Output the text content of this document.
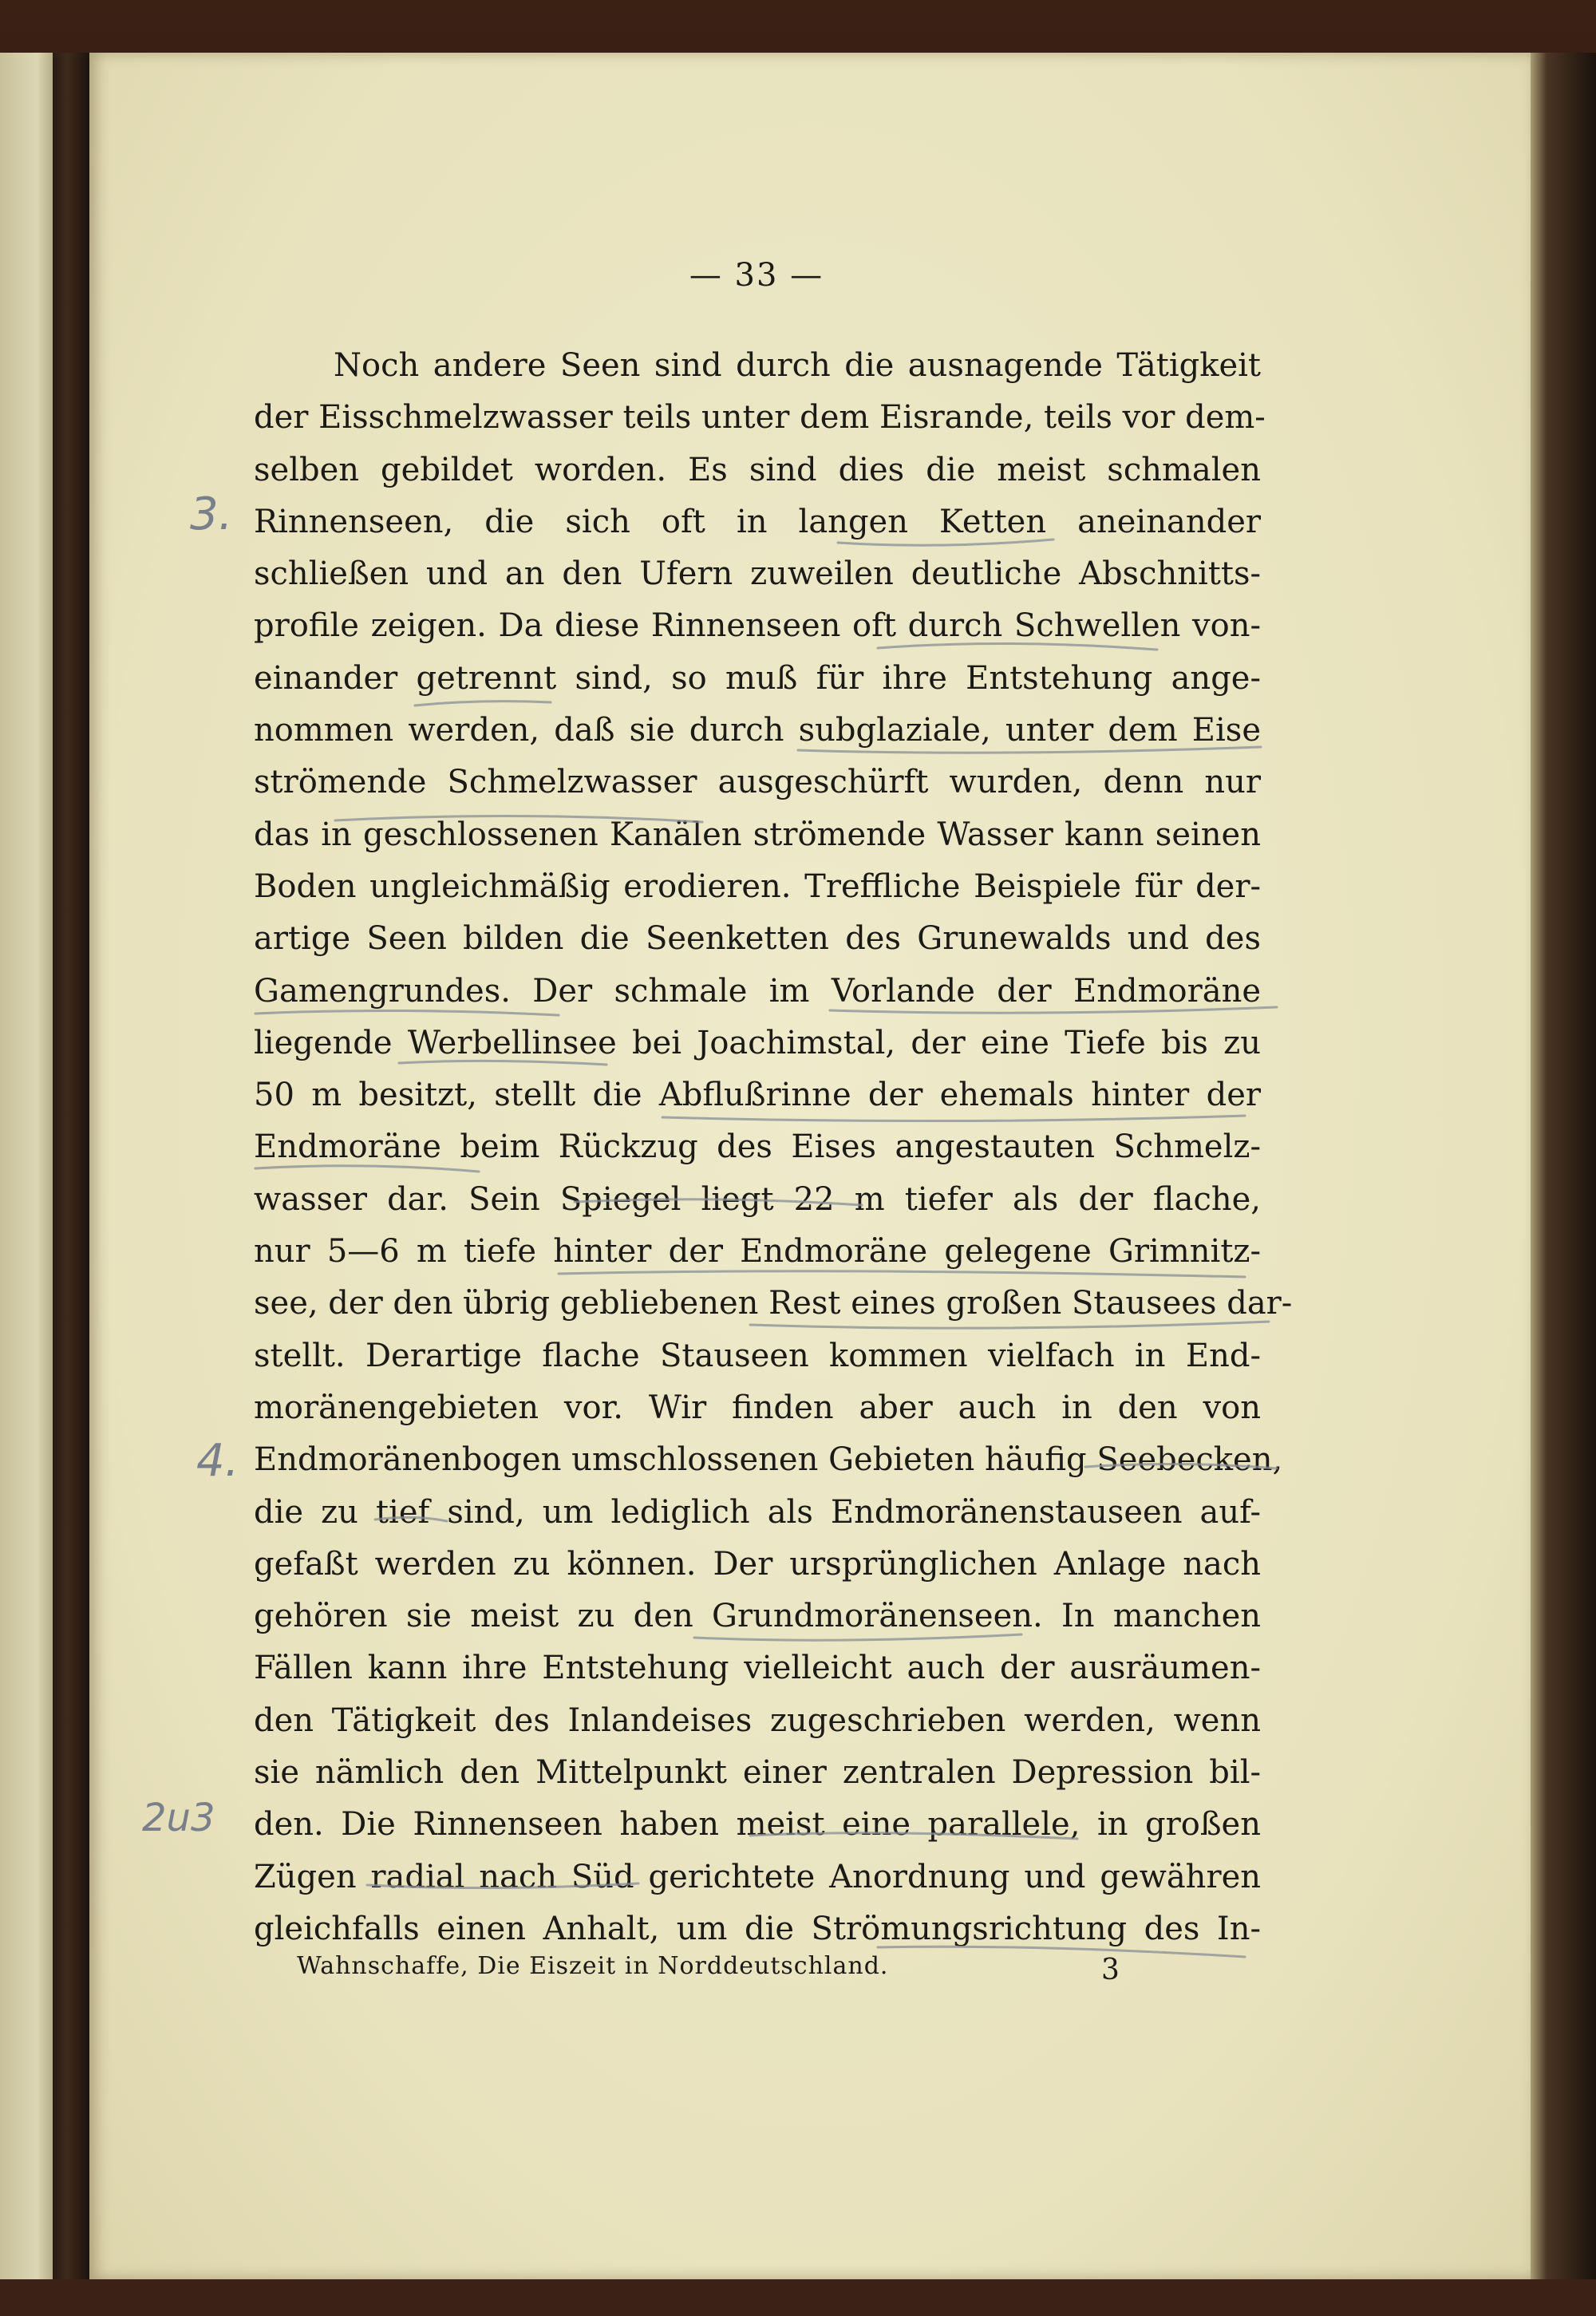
— 33 —
Noch andere Seen sind durch die ausnagende Tätigkeit
der Eisschmelzwasser teils unter dem Eisrande, teils vor dem-
selben gebildet worden. Es sind dies die meist schmalen
Rinnenseen, die sich oft in langen Ketten aneinander
schließen und an den Ufern zuweilen deutliche Abschnitts-
profile zeigen. Da diese Rinnenseen oft durch Schwellen von-
einander getrennt sind, so muß für ihre Entstehung ange-
nommen werden, daß sie durch subglaziale, unter dem Eise
strömende Schmelzwasser ausgeschürft wurden, denn nur
das in geschlossenen Kanälen strömende Wasser kann seinen
Boden ungleichmäßig erodieren. Treffliche Beispiele für der-
artige Seen bilden die Seenketten des Grunewalds und des
Gamengrundes. Der schmale im Vorlande der Endmoräne
liegende Werbellinsee bei Joachimstal, der eine Tiefe bis zu
50 m besitzt, stellt die Abflußrinne der ehemals hinter der
Endmoräne beim Rückzug des Eises angestauten Schmelz-
wasser dar. Sein Spiegel liegt 22 m tiefer als der flache,
nur 5—6 m tiefe hinter der Endmoräne gelegene Grimnitz-
see, der den übrig gebliebenen Rest eines großen Stausees dar-
stellt. Derartige flache Stauseen kommen vielfach in End-
moränengebieten vor. Wir finden aber auch in den von
Endmoränenbogen umschlossenen Gebieten häufig Seebecken,
die zu tief sind, um lediglich als Endmoränenstauseen auf-
gefaßt werden zu können. Der ursprünglichen Anlage nach
gehören sie meist zu den Grundmoränenseen. In manchen
Fällen kann ihre Entstehung vielleicht auch der ausräumen-
den Tätigkeit des Inlandeises zugeschrieben werden, wenn
sie nämlich den Mittelpunkt einer zentralen Depression bil-
den. Die Rinnenseen haben meist eine parallele, in großen
Zügen radial nach Süd gerichtete Anordnung und gewähren
gleichfalls einen Anhalt, um die Strömungsrichtung des In-
Wahnschaffe, Die Eiszeit in Norddeutschland.	3
3.
4.
2u3
